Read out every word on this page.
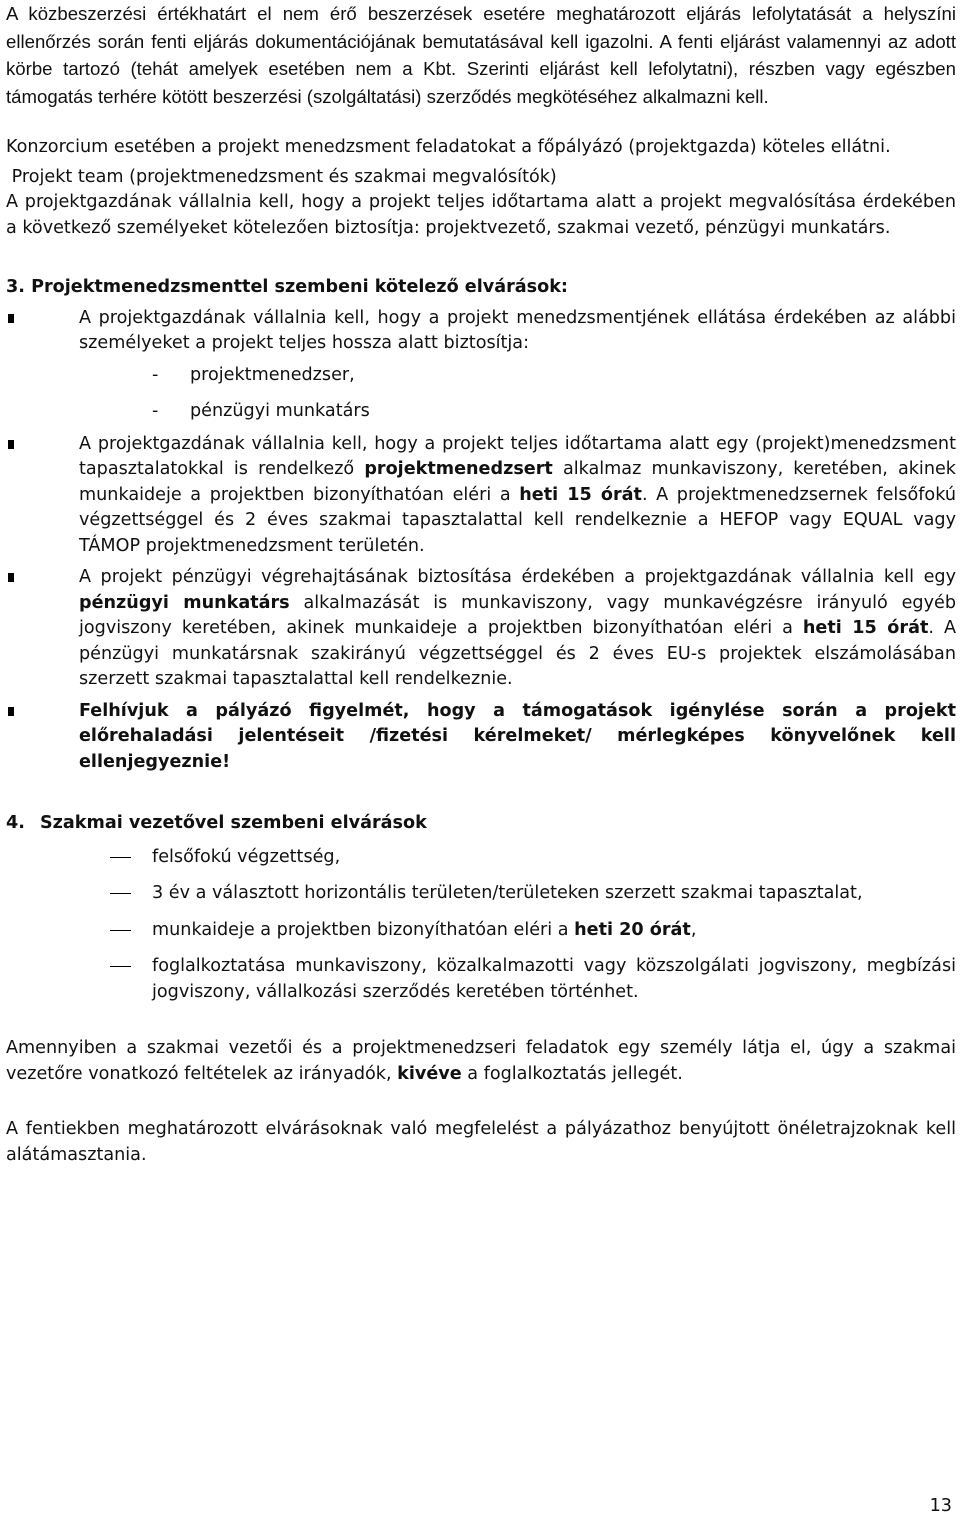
A közbeszerzési értékhatárt el nem érő beszerzések esetére meghatározott eljárás lefolytatását a helyszíni ellenőrzés során fenti eljárás dokumentációjának bemutatásával kell igazolni. A fenti eljárást valamennyi az adott körbe tartozó (tehát amelyek esetében nem a Kbt. Szerinti eljárást kell lefolytatni), részben vagy egészben támogatás terhére kötött beszerzési (szolgáltatási) szerződés megkötéséhez alkalmazni kell.

Konzorcium esetében a projekt menedzsment feladatokat a főpályázó (projektgazda) köteles ellátni.

Projekt team (projektmenedzsment és szakmai megvalósítók)

A projektgazdának vállalnia kell, hogy a projekt teljes időtartama alatt a projekt megvalósítása érdekében a következő személyeket kötelezően biztosítja: projektvezető, szakmai vezető, pénzügyi munkatárs.

3. Projektmenedzsmenttel szembeni kötelező elvárások:

A projektgazdának vállalnia kell, hogy a projekt menedzsmentjének ellátása érdekében az alábbi személyeket a projekt teljes hossza alatt biztosítja:

- projektmenedzser,
- pénzügyi munkatárs

A projektgazdának vállalnia kell, hogy a projekt teljes időtartama alatt egy (projekt)menedzsment tapasztalatokkal is rendelkező projektmenedzsert alkalmaz munkaviszony, keretében, akinek munkaideje a projektben bizonyíthatóan eléri a heti 15 órát. A projektmenedzsernek felsőfokú végzettséggel és 2 éves szakmai tapasztalattal kell rendelkeznie a HEFOP vagy EQUAL vagy TÁMOP projektmenedzsment területén.

A projekt pénzügyi végrehajtásának biztosítása érdekében a projektgazdának vállalnia kell egy pénzügyi munkatárs alkalmazását is munkaviszony, vagy munkavégzésre irányuló egyéb jogviszony keretében, akinek munkaideje a projektben bizonyíthatóan eléri a heti 15 órát. A pénzügyi munkatársnak szakirányú végzettséggel és 2 éves EU-s projektek elszámolásában szerzett szakmai tapasztalattal kell rendelkeznie.

Felhívjuk a pályázó figyelmét, hogy a támogatások igénylése során a projekt előrehaladási jelentéseit /fizetési kérelmeket/ mérlegképes könyvelőnek kell ellenjegyeznie!

4. Szakmai vezetővel szembeni elvárások

felsőfokú végzettség,

3 év a választott horizontális területen/területeken szerzett szakmai tapasztalat,

munkaideje a projektben bizonyíthatóan eléri a heti 20 órát,

foglalkoztatása munkaviszony, közalkalmazotti vagy közszolgálati jogviszony, megbízási jogviszony, vállalkozási szerződés keretében történhet.

Amennyiben a szakmai vezetői és a projektmenedzseri feladatok egy személy látja el, úgy a szakmai vezetőre vonatkozó feltételek az irányadók, kivéve a foglalkoztatás jellegét.

A fentiekben meghatározott elvárásoknak való megfelelést a pályázathoz benyújtott önéletrajzoknak kell alátámasztania.

13
